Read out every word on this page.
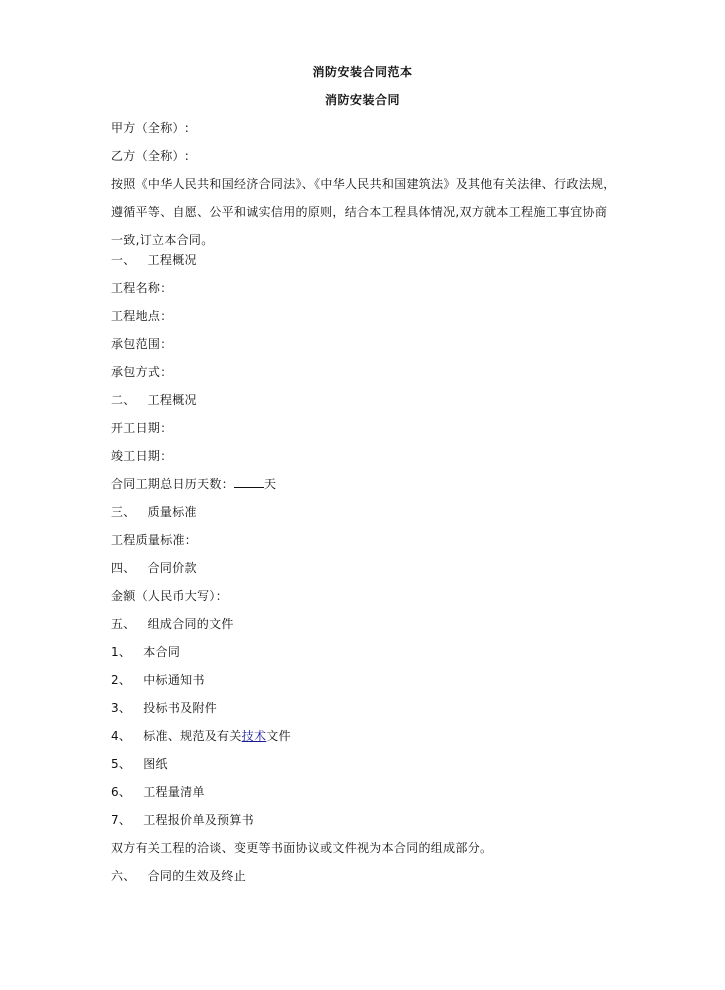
消防安装合同范本
消防安装合同
甲方（全称）:
乙方（全称）:
按照《中华人民共和国经济合同法》、《中华人民共和国建筑法》及其他有关法律、行政法规，遵循平等、自愿、公平和诚实信用的原则，结合本工程具体情况,双方就本工程施工事宜协商一致,订立本合同。
一、 工程概况
工程名称：
工程地点：
承包范围：
承包方式：
二、 工程概况
开工日期：
竣工日期：
合同工期总日历天数：	天
三、 质量标准
工程质量标准：
四、 合同价款
金额（人民币大写）：
五、 组成合同的文件
1、 本合同
2、 中标通知书
3、 投标书及附件
4、 标准、规范及有关技术文件
5、 图纸
6、 工程量清单
7、 工程报价单及预算书
双方有关工程的洽谈、变更等书面协议或文件视为本合同的组成部分。
六、 合同的生效及终止
